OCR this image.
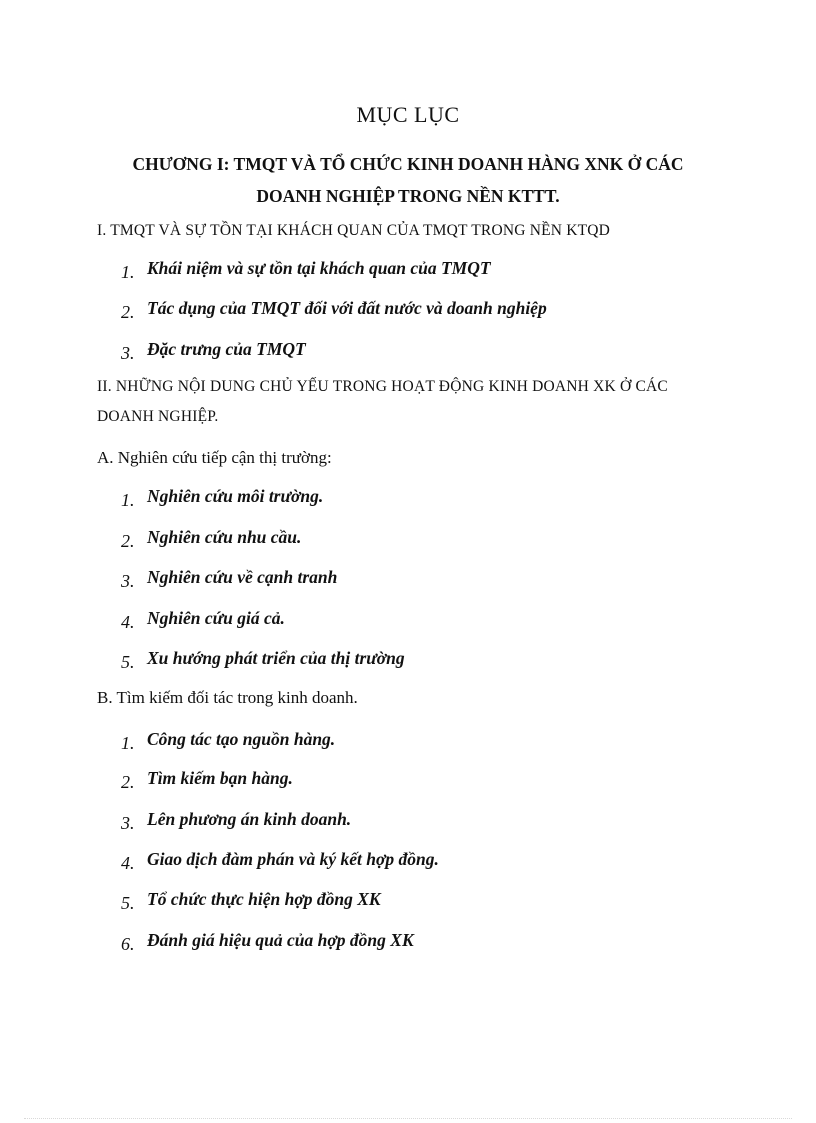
MỤC LỤC
CHƯƠNG I: TMQT VÀ TỔ CHỨC KINH DOANH HÀNG XNK Ở CÁC
DOANH NGHIỆP TRONG NỀN KTTT.
I. TMQT VÀ SỰ TỒN TẠI KHÁCH QUAN CỦA TMQT TRONG NỀN KTQD
1. Khái niệm và sự tồn tại khách quan của TMQT
2. Tác dụng của TMQT đối với đất nước và doanh nghiệp
3. Đặc trưng của TMQT
II. NHỮNG NỘI DUNG CHỦ YẾU TRONG HOẠT ĐỘNG KINH DOANH XK Ở CÁC
DOANH NGHIỆP.
A. Nghiên cứu tiếp cận thị trường:
1. Nghiên cứu môi trường.
2. Nghiên cứu nhu cầu.
3. Nghiên cứu về cạnh tranh
4. Nghiên cứu giá cả.
5. Xu hướng phát triển của thị trường
B. Tìm kiếm đối tác trong kinh doanh.
1. Công tác tạo nguồn hàng.
2. Tìm kiếm bạn hàng.
3. Lên phương án kinh doanh.
4. Giao dịch đàm phán và ký kết hợp đồng.
5. Tổ chức thực hiện hợp đồng XK
6. Đánh giá hiệu quả của hợp đồng XK
